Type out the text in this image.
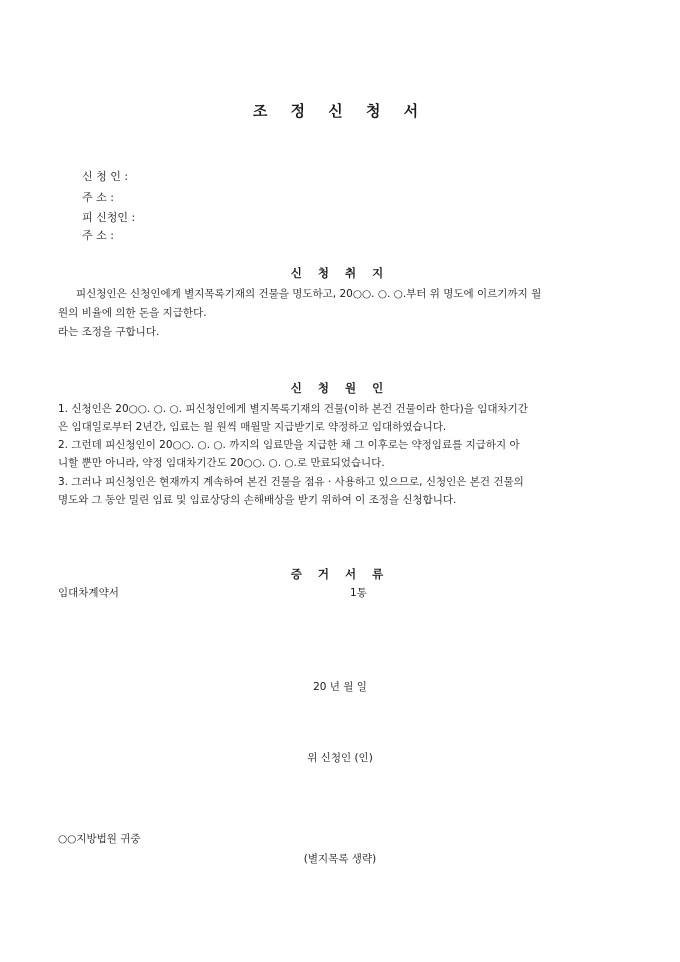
조 정 신 청 서
신 청 인 :
주 소 :
피 신청인 :
주 소 :
신 청 취 지
피신청인은 신청인에게 별지목록기재의 건물을 명도하고, 20○○. ○. ○.부터 위 명도에 이르기까지 월
원의 비율에 의한 돈을 지급한다.
라는 조정을 구합니다.
신 청 원 인
1. 신청인은 20○○. ○. ○. 피신청인에게 별지목록기재의 건물(이하 본건 건물이라 한다)을 임대차기간
은 임대일로부터 2년간, 임료는 월 원씩 매월말 지급받기로 약정하고 임대하였습니다.
2. 그런데 피신청인이 20○○. ○. ○. 까지의 임료만을 지급한 채 그 이후로는 약정임료를 지급하지 아
니할 뿐만 아니라, 약정 임대차기간도 20○○. ○. ○.로 만료되었습니다.
3. 그러나 피신청인은 현재까지 계속하여 본건 건물을 점유 · 사용하고 있으므로, 신청인은 본건 건물의
명도와 그 동안 밀린 임료 및 임료상당의 손해배상을 받기 위하여 이 조정을 신청합니다.
증 거 서 류
임대차계약서	1통
20 년 월 일
위 신청인 (인)
○○지방법원 귀중
(별지목록 생략)
